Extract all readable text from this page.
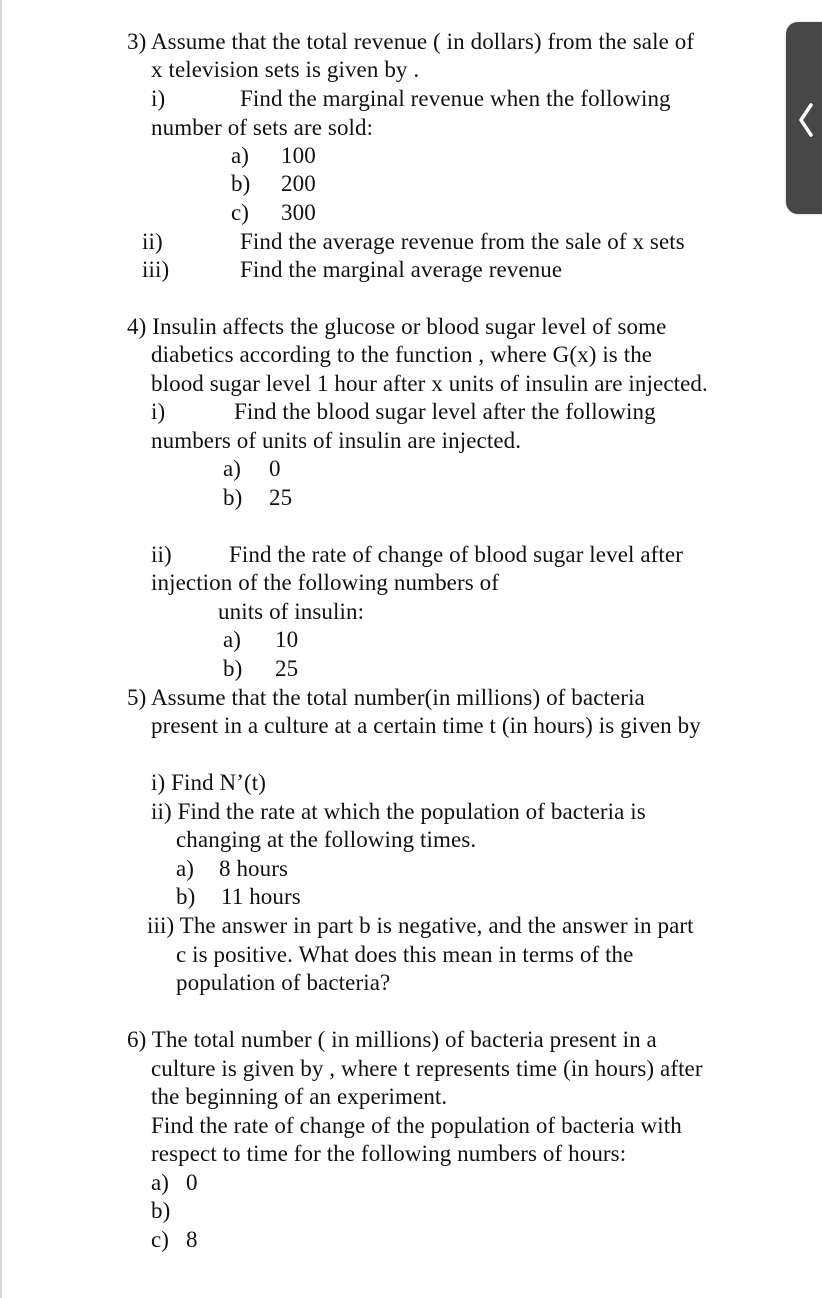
3) Assume that the total revenue ( in dollars) from the sale of
x television sets is given by .
i)	Find the marginal revenue when the following
number of sets are sold:
a) 100
b) 200
c) 300
ii)	Find the average revenue from the sale of x sets
iii)	Find the marginal average revenue
4) Insulin affects the glucose or blood sugar level of some
diabetics according to the function , where G(x) is the
blood sugar level 1 hour after x units of insulin are injected.
i)	Find the blood sugar level after the following
numbers of units of insulin are injected.
a) 0
b) 25
ii) Find the rate of change of blood sugar level after
injection of the following numbers of
units of insulin:
a) 10
b) 25
5) Assume that the total number(in millions) of bacteria
present in a culture at a certain time t (in hours) is given by
i) Find N’(t)
ii) Find the rate at which the population of bacteria is
changing at the following times.
a) 8 hours
b) 11 hours
iii) The answer in part b is negative, and the answer in part
c is positive. What does this mean in terms of the
population of bacteria?
6) The total number ( in millions) of bacteria present in a
culture is given by , where t represents time (in hours) after
the beginning of an experiment.
Find the rate of change of the population of bacteria with
respect to time for the following numbers of hours:
a) 0
b)
c) 8
